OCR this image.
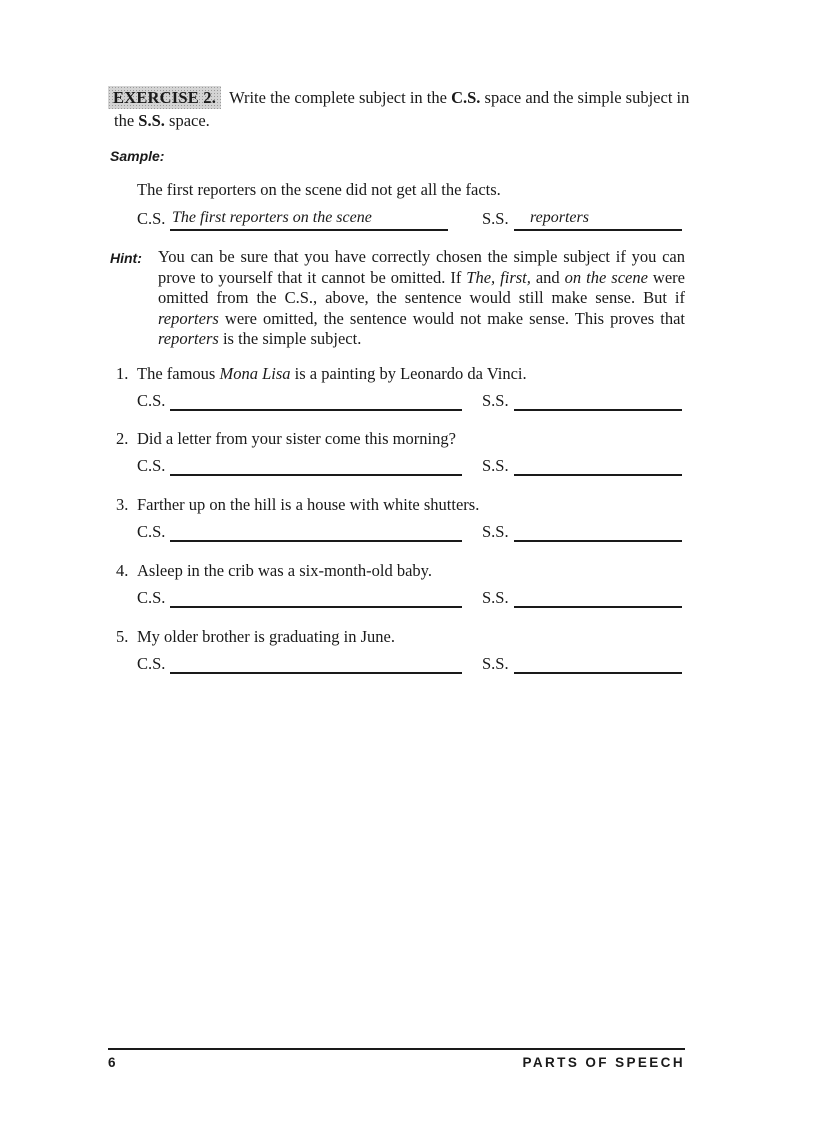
EXERCISE 2. Write the complete subject in the C.S. space and the simple subject in
the S.S. space.
Sample:
The first reporters on the scene did not get all the facts.
C.S. The first reporters on the scene	S.S. reporters
Hint: You can be sure that you have correctly chosen the simple subject if you can prove to yourself that it cannot be omitted. If The, first, and on the scene were omitted from the C.S., above, the sentence would still make sense. But if reporters were omitted, the sentence would not make sense. This proves that reporters is the simple subject.
1. The famous Mona Lisa is a painting by Leonardo da Vinci.
C.S.	S.S.
2. Did a letter from your sister come this morning?
C.S.	S.S.
3. Farther up on the hill is a house with white shutters.
C.S.	S.S.
4. Asleep in the crib was a six-month-old baby.
C.S.	S.S.
5. My older brother is graduating in June.
C.S.	S.S.
6	PARTS OF SPEECH
